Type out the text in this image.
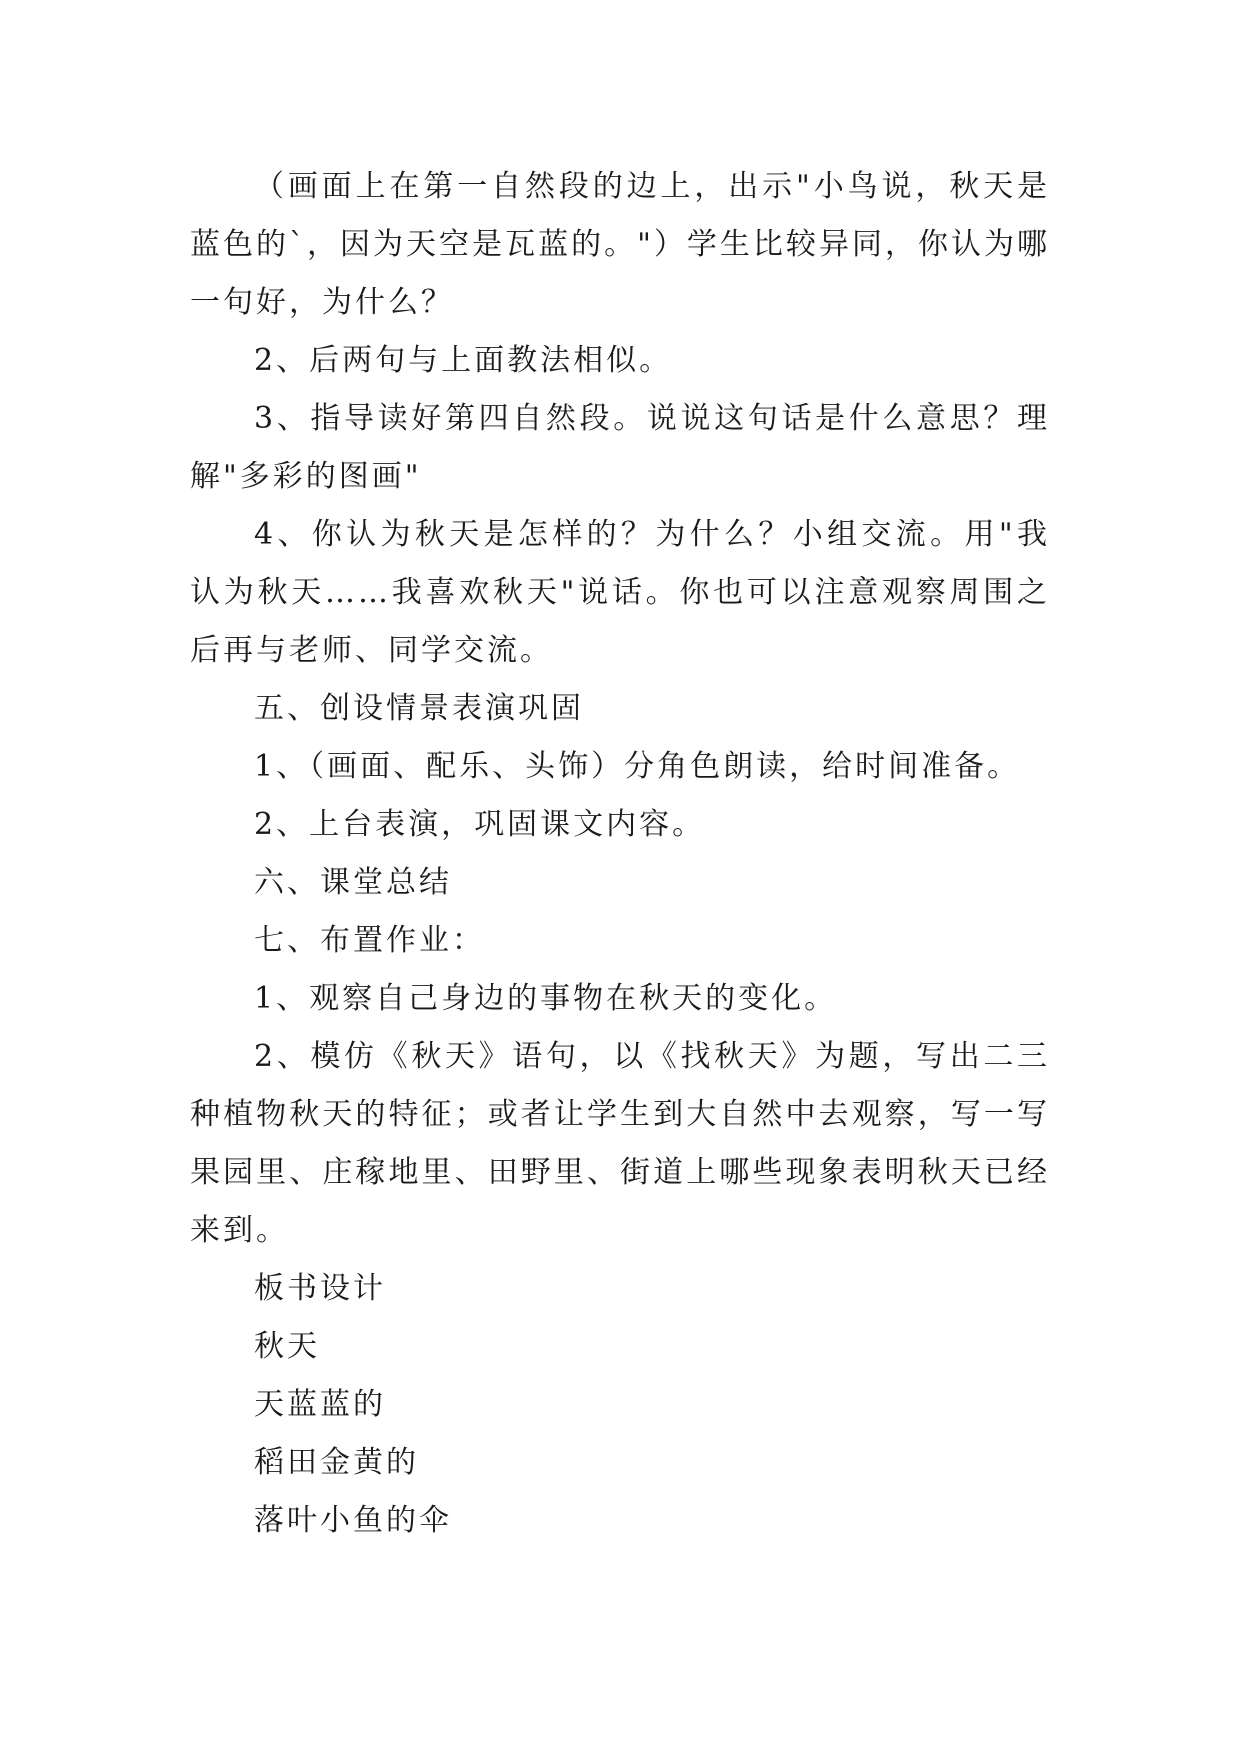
（画面上在第一自然段的边上，出示"小鸟说，秋天是蓝色的`，因为天空是瓦蓝的。"）学生比较异同，你认为哪一句好，为什么？

2、后两句与上面教法相似。

3、指导读好第四自然段。说说这句话是什么意思？理解"多彩的图画"

4、你认为秋天是怎样的？为什么？小组交流。用"我认为秋天……我喜欢秋天"说话。你也可以注意观察周围之后再与老师、同学交流。

五、创设情景表演巩固

1、（画面、配乐、头饰）分角色朗读，给时间准备。

2、上台表演，巩固课文内容。

六、课堂总结

七、布置作业：

1、观察自己身边的事物在秋天的变化。

2、模仿《秋天》语句，以《找秋天》为题，写出二三种植物秋天的特征；或者让学生到大自然中去观察，写一写果园里、庄稼地里、田野里、街道上哪些现象表明秋天已经来到。

板书设计

秋天

天蓝蓝的

稻田金黄的

落叶小鱼的伞
